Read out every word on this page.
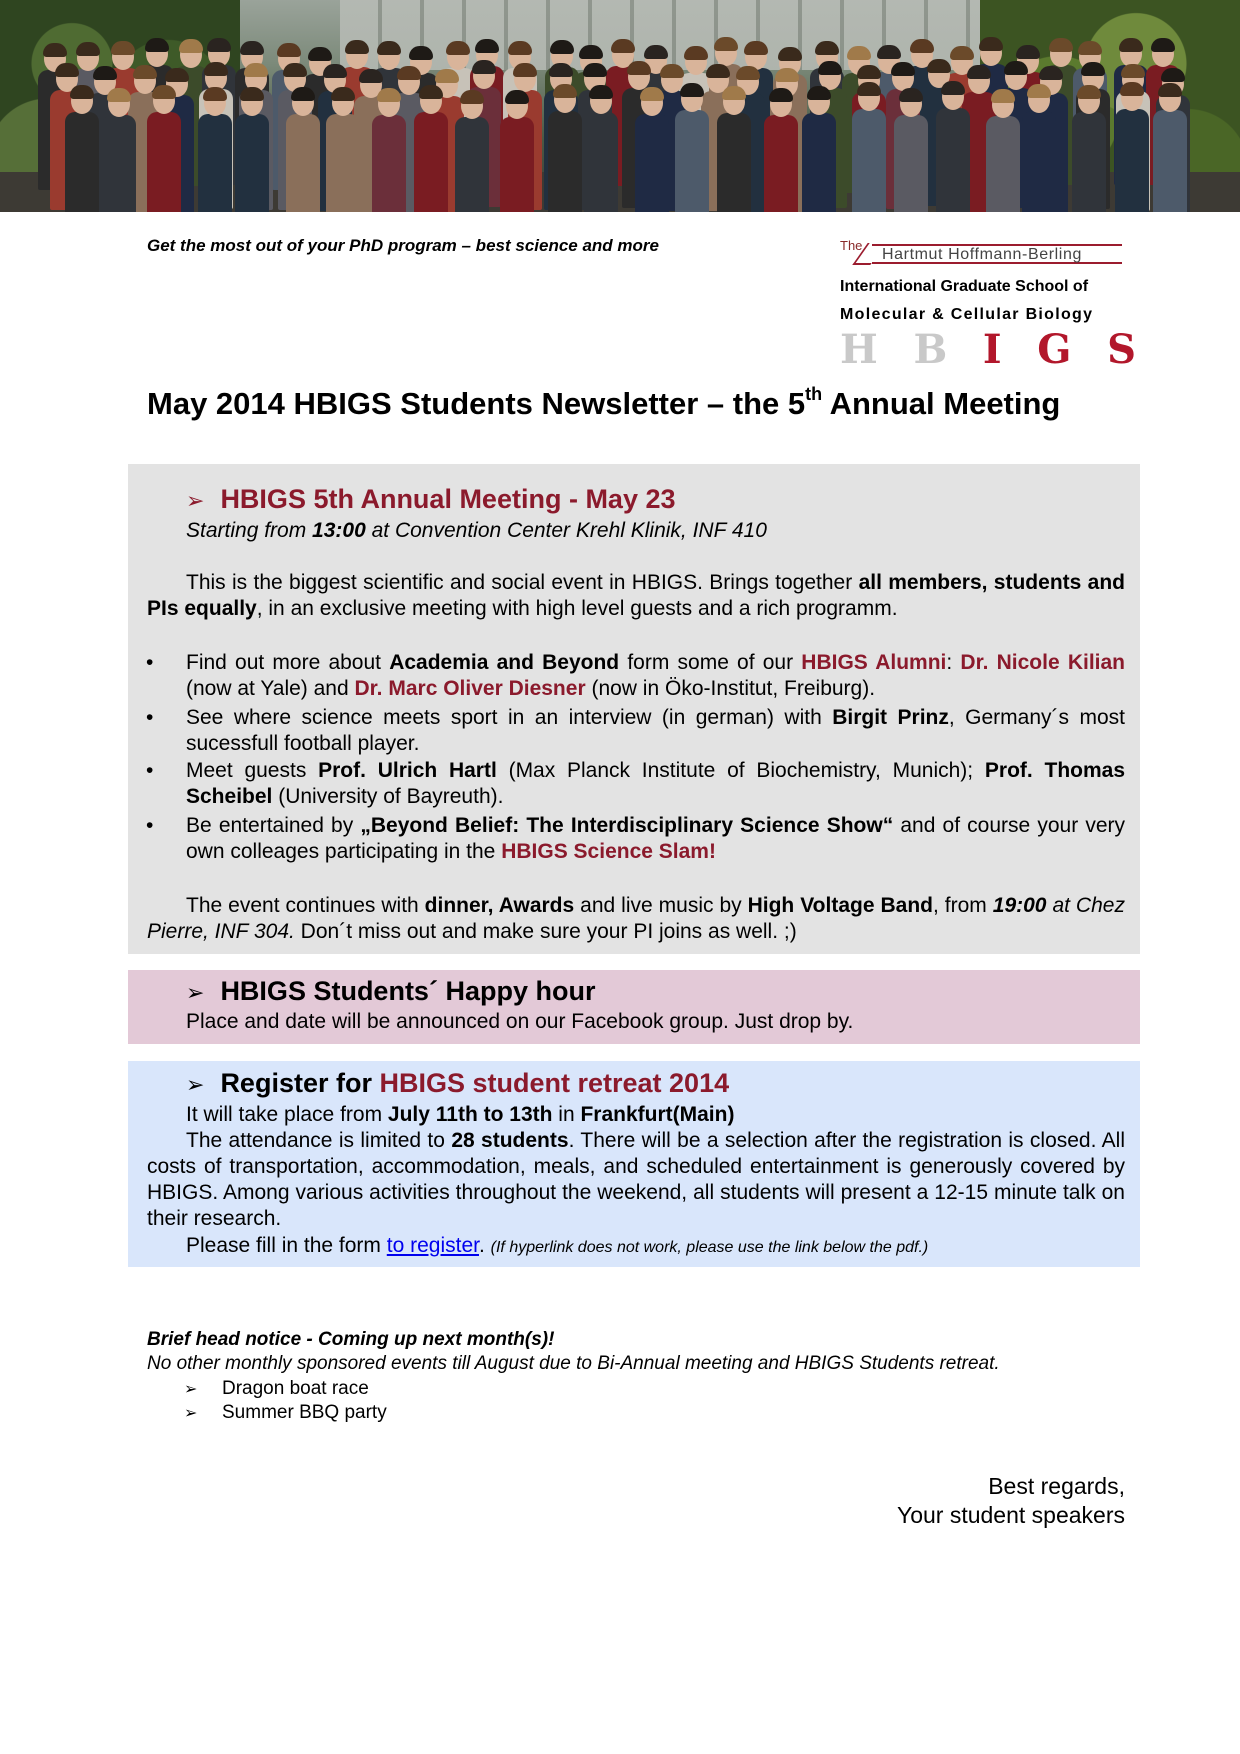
Get the most out of your PhD program – best science and more	The
Hartmut Hoffmann-Berling
International Graduate School of
Molecular & Cellular Biology
H B I G S
May 2014 HBIGS Students Newsletter – the 5th Annual Meeting
➢ HBIGS 5th Annual Meeting - May 23
Starting from 13:00 at Convention Center Krehl Klinik, INF 410
This is the biggest scientific and social event in HBIGS. Brings together all members, students and PIs equally, in an exclusive meeting with high level guests and a rich programm.
• Find out more about Academia and Beyond form some of our HBIGS Alumni: Dr. Nicole Kilian (now at Yale) and Dr. Marc Oliver Diesner (now in Öko-Institut, Freiburg).
• See where science meets sport in an interview (in german) with Birgit Prinz, Germany´s most sucessfull football player.
• Meet guests Prof. Ulrich Hartl (Max Planck Institute of Biochemistry, Munich); Prof. Thomas Scheibel (University of Bayreuth).
• Be entertained by „Beyond Belief: The Interdisciplinary Science Show“ and of course your very own colleages participating in the HBIGS Science Slam!
The event continues with dinner, Awards and live music by High Voltage Band, from 19:00 at Chez Pierre, INF 304. Don´t miss out and make sure your PI joins as well. ;)
➢ HBIGS Students´ Happy hour
Place and date will be announced on our Facebook group. Just drop by.
➢ Register for HBIGS student retreat 2014
It will take place from July 11th to 13th in Frankfurt(Main)
The attendance is limited to 28 students. There will be a selection after the registration is closed. All costs of transportation, accommodation, meals, and scheduled entertainment is generously covered by HBIGS. Among various activities throughout the weekend, all students will present a 12-15 minute talk on their research.
Please fill in the form to register. (If hyperlink does not work, please use the link below the pdf.)
Brief head notice - Coming up next month(s)!
No other monthly sponsored events till August due to Bi-Annual meeting and HBIGS Students retreat.
➢ Dragon boat race
➢ Summer BBQ party
Best regards,
Your student speakers
